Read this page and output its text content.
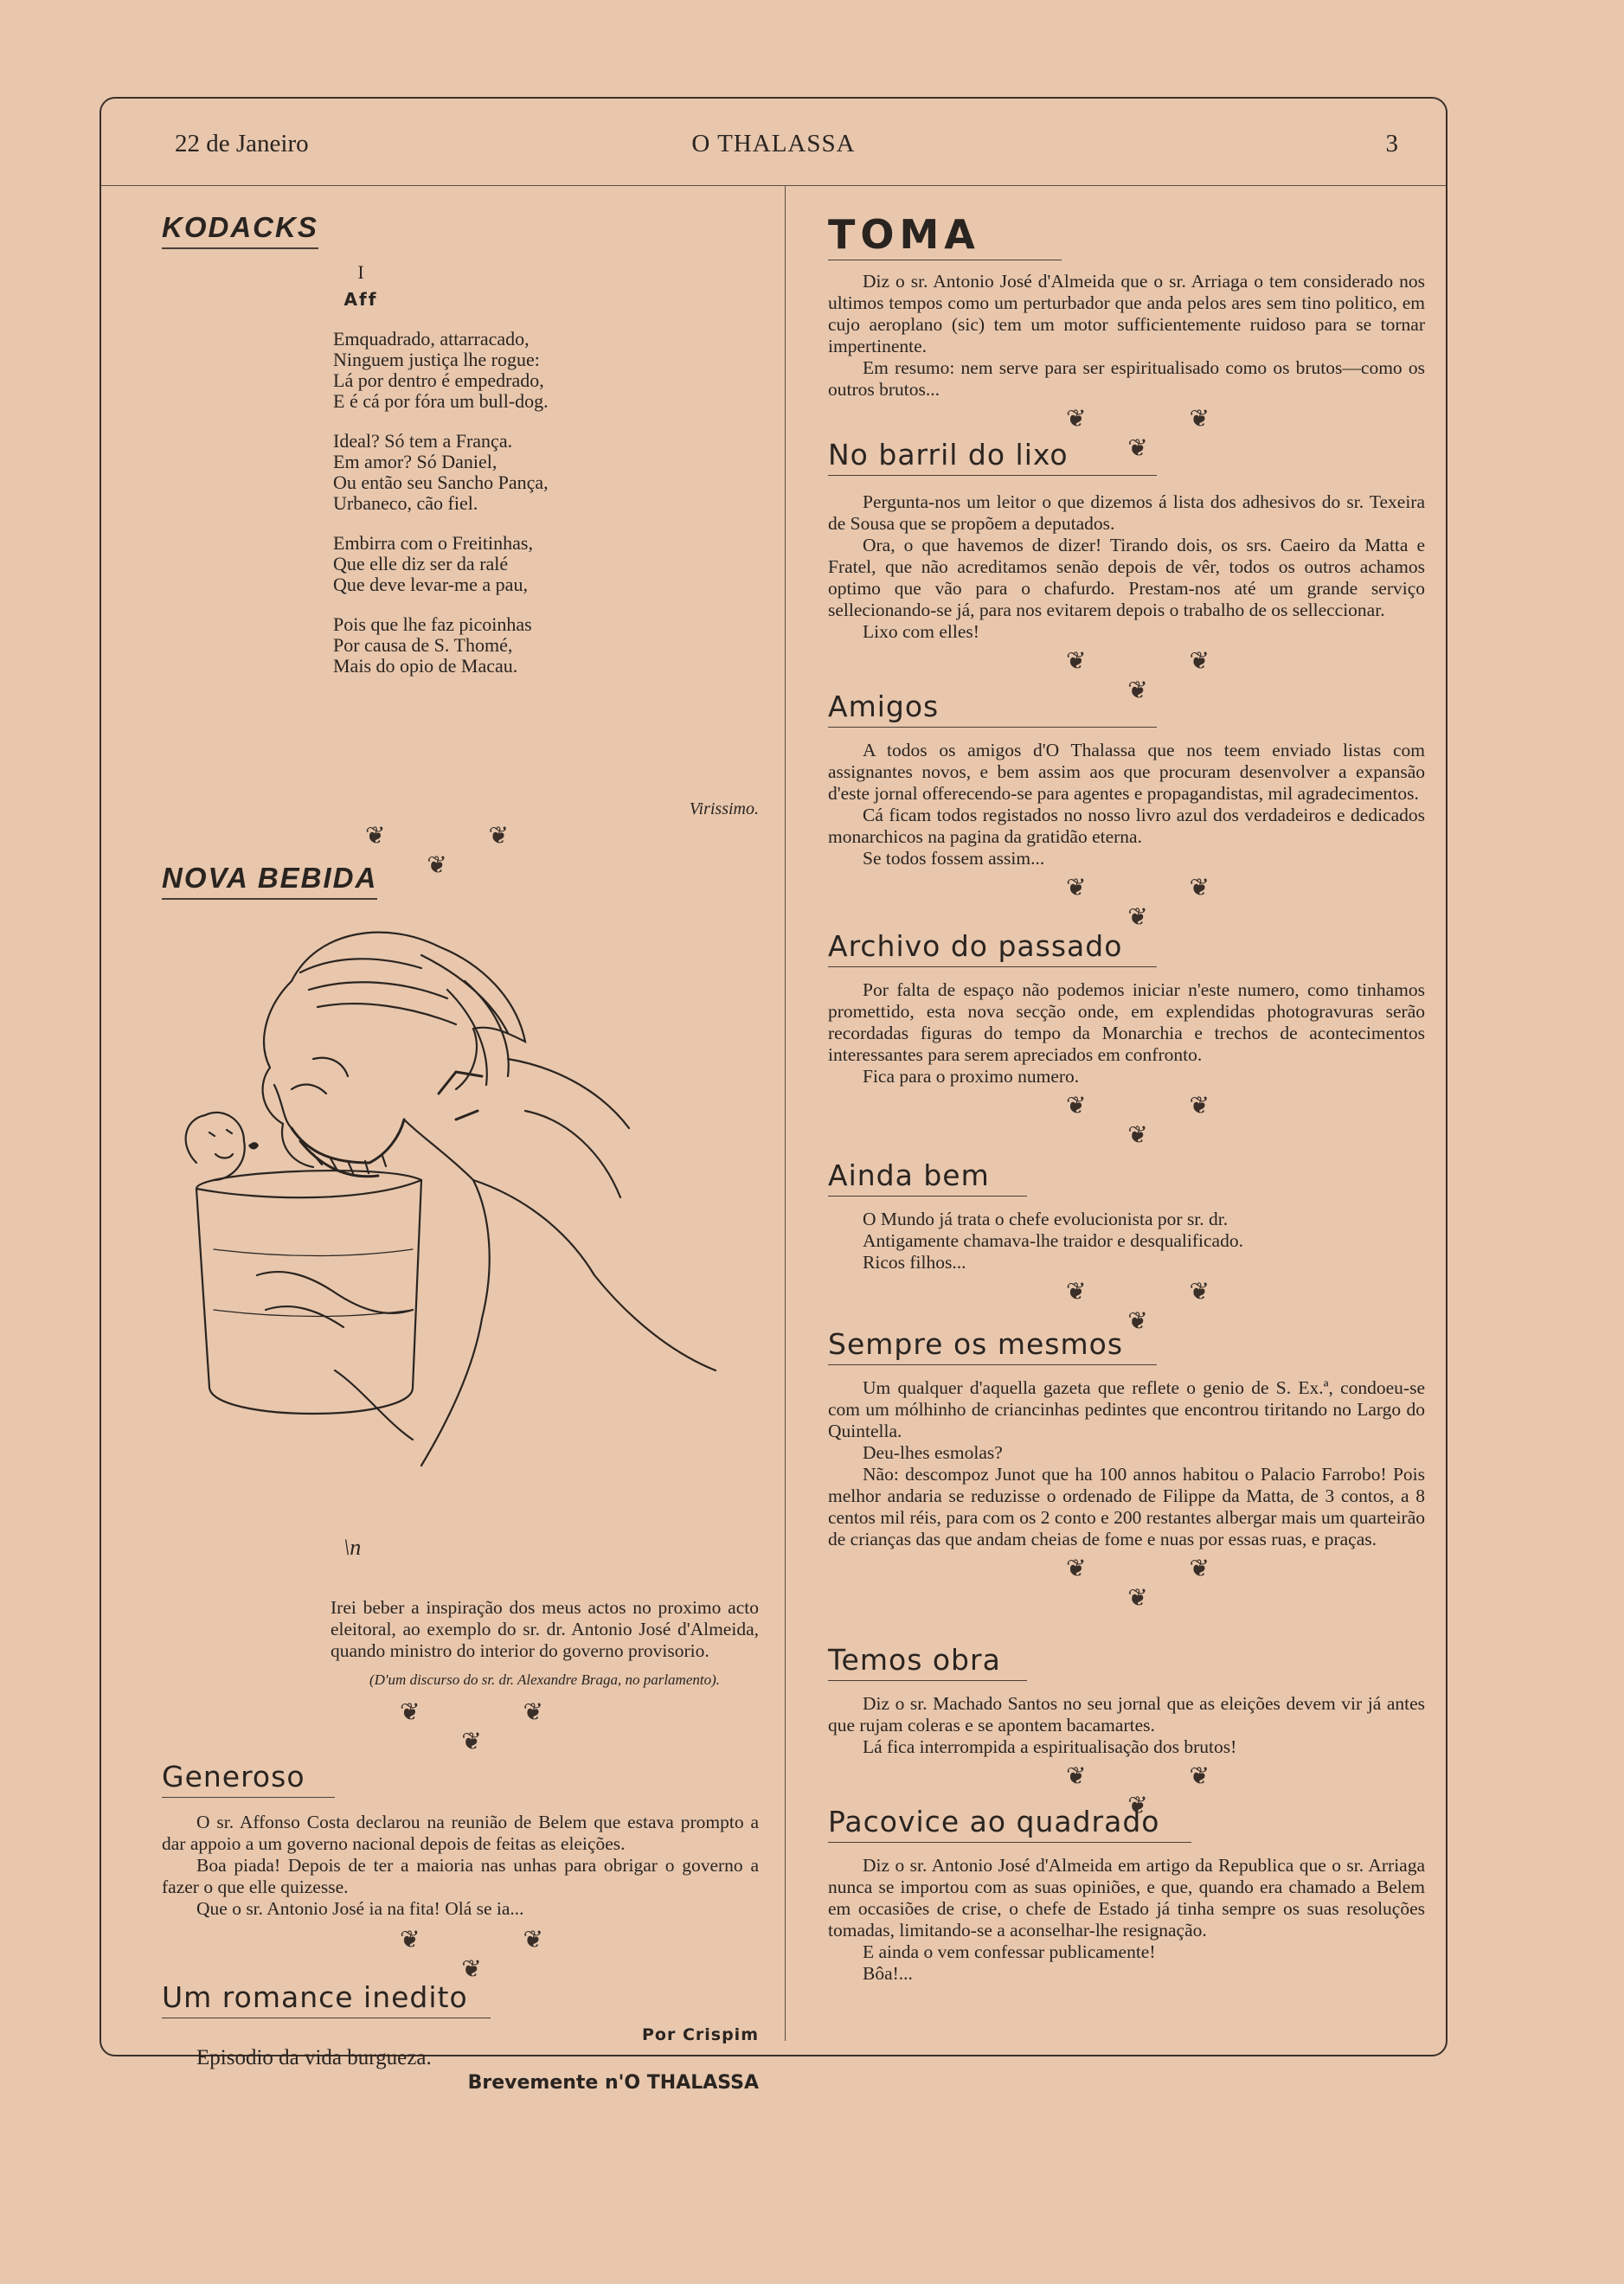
22 de Janeiro	O THALASSA	3
KODACKS
I
Aff

Emquadrado, attarracado,

Ninguem justiça lhe rogue:

Lá por dentro é empedrado,

E é cá por fóra um bull-dog.

Ideal? Só tem a França.

Em amor? Só Daniel,

Ou então seu Sancho Pança,

Urbaneco, cão fiel.

Embirra com o Freitinhas,

Que elle diz ser da ralé

Que deve levar-me a pau,

Pois que lhe faz picoinhas

Por causa de S. Thomé,

Mais do opio de Macau.

Virissimo.
❦ ❦ ❦
NOVA BEBIDA
\n

Irei beber a inspiração dos meus actos no proximo acto eleitoral, ao exemplo do sr. dr. Antonio José d'Almeida, quando ministro do interior do governo provisorio.

(D'um discurso do sr. dr. Alexandre Braga, no parlamento).
❦ ❦ ❦
Generoso

O sr. Affonso Costa declarou na reunião de Belem que estava prompto a dar appoio a um governo nacional depois de feitas as eleições.

Boa piada! Depois de ter a maioria nas unhas para obrigar o governo a fazer o que elle quizesse.

Que o sr. Antonio José ia na fita! Olá se ia...

❦ ❦ ❦
Um romance inedito
Por Crispim
Episodio da vida burgueza.
Brevemente n'O THALASSA
TOMA

Diz o sr. Antonio José d'Almeida que o sr. Arriaga o tem considerado nos ultimos tempos como um perturbador que anda pelos ares sem tino politico, em cujo aeroplano (sic) tem um motor sufficientemente ruidoso para se tornar impertinente.

Em resumo: nem serve para ser espiritualisado como os brutos—como os outros brutos...

❦ ❦ ❦
No barril do lixo

Pergunta-nos um leitor o que dizemos á lista dos adhesivos do sr. Texeira de Sousa que se propõem a deputados.

Ora, o que havemos de dizer! Tirando dois, os srs. Caeiro da Matta e Fratel, que não acreditamos senão depois de vêr, todos os outros achamos optimo que vão para o chafurdo. Prestam-nos até um grande serviço sellecionando-se já, para nos evitarem depois o trabalho de os selleccionar.

Lixo com elles!

❦ ❦ ❦
Amigos

A todos os amigos d'O Thalassa que nos teem enviado listas com assignantes novos, e bem assim aos que procuram desenvolver a expansão d'este jornal offerecendo-se para agentes e propagandistas, mil agradecimentos.

Cá ficam todos registados no nosso livro azul dos verdadeiros e dedicados monarchicos na pagina da gratidão eterna.

Se todos fossem assim...

❦ ❦ ❦
Archivo do passado

Por falta de espaço não podemos iniciar n'este numero, como tinhamos promettido, esta nova secção onde, em explendidas photogravuras serão recordadas figuras do tempo da Monarchia e trechos de acontecimentos interessantes para serem apreciados em confronto.

Fica para o proximo numero.

❦ ❦ ❦
Ainda bem

O Mundo já trata o chefe evolucionista por sr. dr.

Antigamente chamava-lhe traidor e desqualificado.

Ricos filhos...

❦ ❦ ❦
Sempre os mesmos

Um qualquer d'aquella gazeta que reflete o genio de S. Ex.ª, condoeu-se com um mólhinho de criancinhas pedintes que encontrou tiritando no Largo do Quintella.

Deu-lhes esmolas?

Não: descompoz Junot que ha 100 annos habitou o Palacio Farrobo! Pois melhor andaria se reduzisse o ordenado de Filippe da Matta, de 3 contos, a 8 centos mil réis, para com os 2 conto e 200 restantes albergar mais um quarteirão de crianças das que andam cheias de fome e nuas por essas ruas, e praças.

❦ ❦ ❦
Temos obra

Diz o sr. Machado Santos no seu jornal que as eleições devem vir já antes que rujam coleras e se apontem bacamartes.

Lá fica interrompida a espiritualisação dos brutos!

❦ ❦ ❦
Pacovice ao quadrado

Diz o sr. Antonio José d'Almeida em artigo da Republica que o sr. Arriaga nunca se importou com as suas opiniões, e que, quando era chamado a Belem em occasiões de crise, o chefe de Estado já tinha sempre os suas resoluções tomadas, limitando-se a aconselhar-lhe resignação.

E ainda o vem confessar publicamente!

Bôa!...
